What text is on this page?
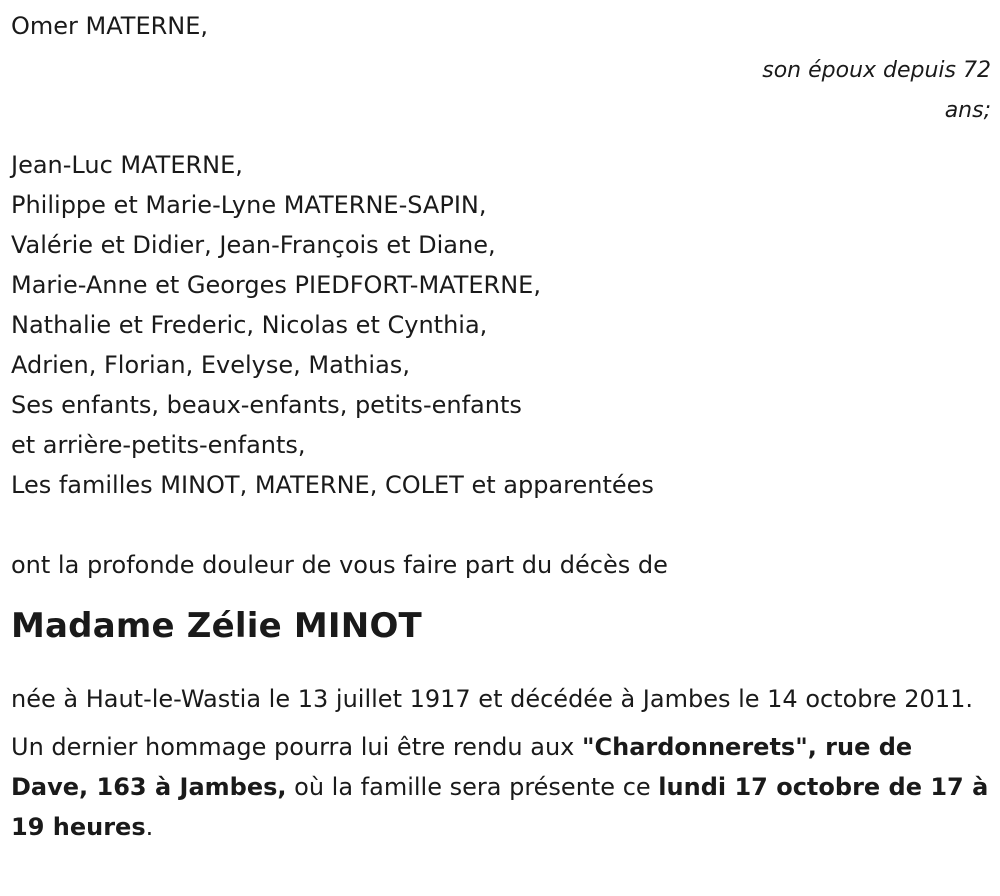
Omer MATERNE,
son époux depuis 72
ans;
Jean-Luc MATERNE,
Philippe et Marie-Lyne MATERNE-SAPIN,
Valérie et Didier, Jean-François et Diane,
Marie-Anne et Georges PIEDFORT-MATERNE,
Nathalie et Frederic, Nicolas et Cynthia,
Adrien, Florian, Evelyse, Mathias,
Ses enfants, beaux-enfants, petits-enfants
et arrière-petits-enfants,
Les familles MINOT, MATERNE, COLET et apparentées
ont la profonde douleur de vous faire part du décès de
Madame Zélie MINOT
née à Haut-le-Wastia le 13 juillet 1917 et décédée à Jambes le 14 octobre 2011.
Un dernier hommage pourra lui être rendu aux "Chardonnerets", rue de Dave, 163 à Jambes, où la famille sera présente ce lundi 17 octobre de 17 à 19 heures.
